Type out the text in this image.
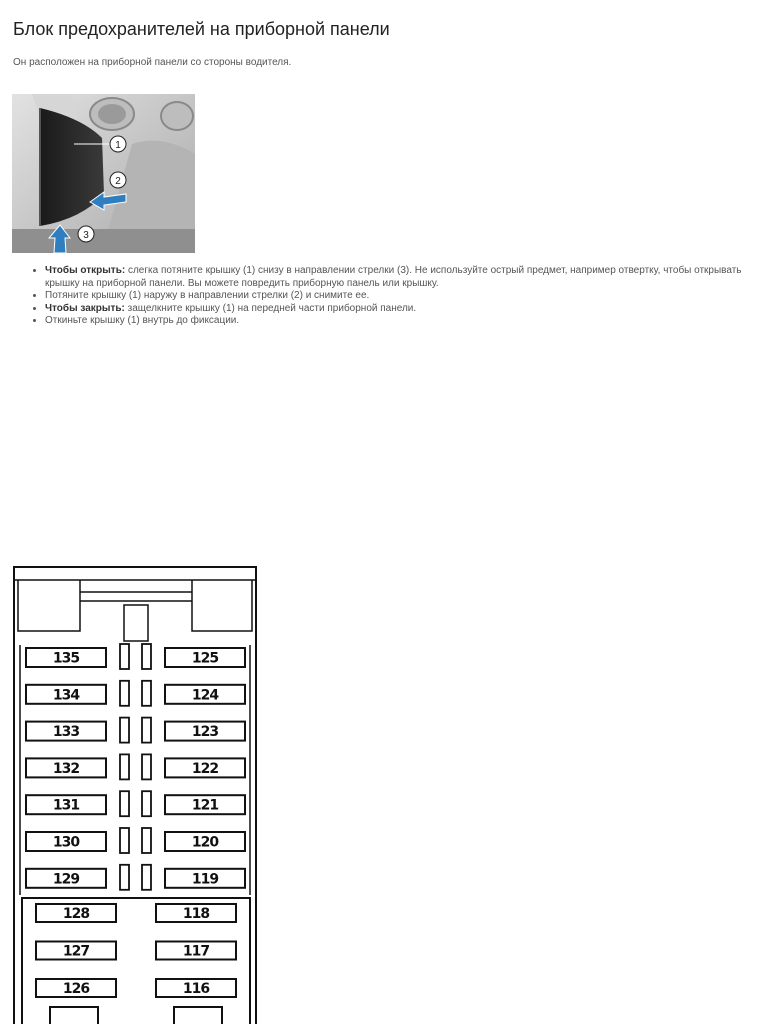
Блок предохранителей на приборной панели

Он расположен на приборной панели со стороны водителя.

1
2
3
• Чтобы открыть: слегка потяните крышку (1) снизу в направлении стрелки (3). Не используйте острый предмет, например отвертку, чтобы открывать крышку на приборной панели. Вы можете повредить приборную панель или крышку.
• Потяните крышку (1) наружу в направлении стрелки (2) и снимите ее.
• Чтобы закрыть: защелкните крышку (1) на передней части приборной панели.
• Откиньте крышку (1) внутрь до фиксации.
135
134
133
132
131
130
129
125
124
123
122
121
120
119
128
127
126
118
117
116
